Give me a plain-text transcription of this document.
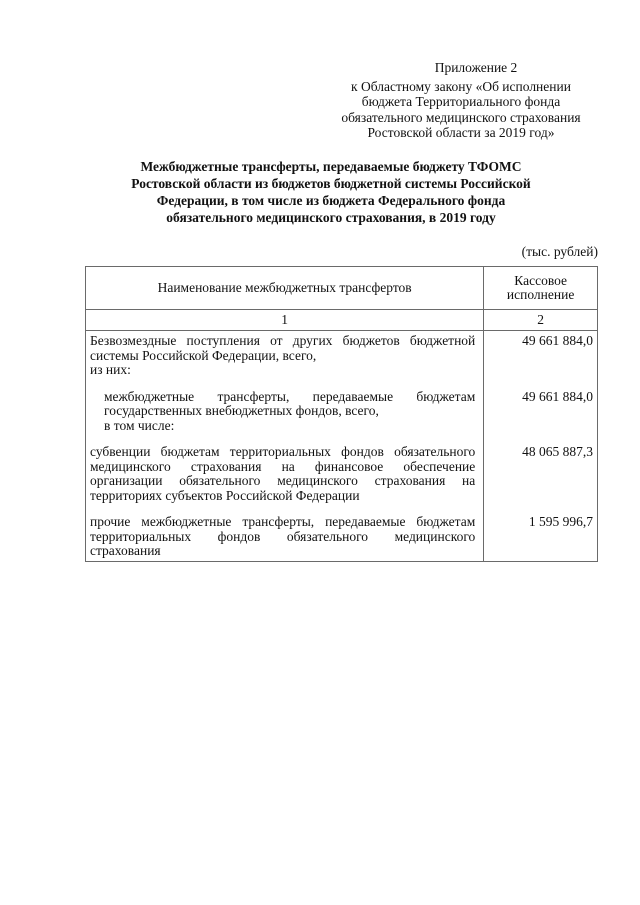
Приложение 2
к Областному закону «Об исполнении
бюджета Территориального фонда
обязательного медицинского страхования
Ростовской области за 2019 год»
Межбюджетные трансферты, передаваемые бюджету ТФОМС
Ростовской области из бюджетов бюджетной системы Российской
Федерации, в том числе из бюджета Федерального фонда
обязательного медицинского страхования, в 2019 году
(тыс. рублей)
Наименование межбюджетных трансфертов	Кассовое исполнение
1	2
Безвозмездные поступления от других бюджетов бюджетной системы Российской Федерации, всего,
из них:	49 661 884,0
межбюджетные трансферты, передаваемые бюджетам государственных внебюджетных фондов, всего,
в том числе:	49 661 884,0
субвенции бюджетам территориальных фондов обязательного медицинского страхования на финансовое обеспечение организации обязательного медицинского страхования на территориях субъектов Российской Федерации	48 065 887,3
прочие межбюджетные трансферты, передаваемые бюджетам территориальных фондов обязательного медицинского страхования	1 595 996,7
